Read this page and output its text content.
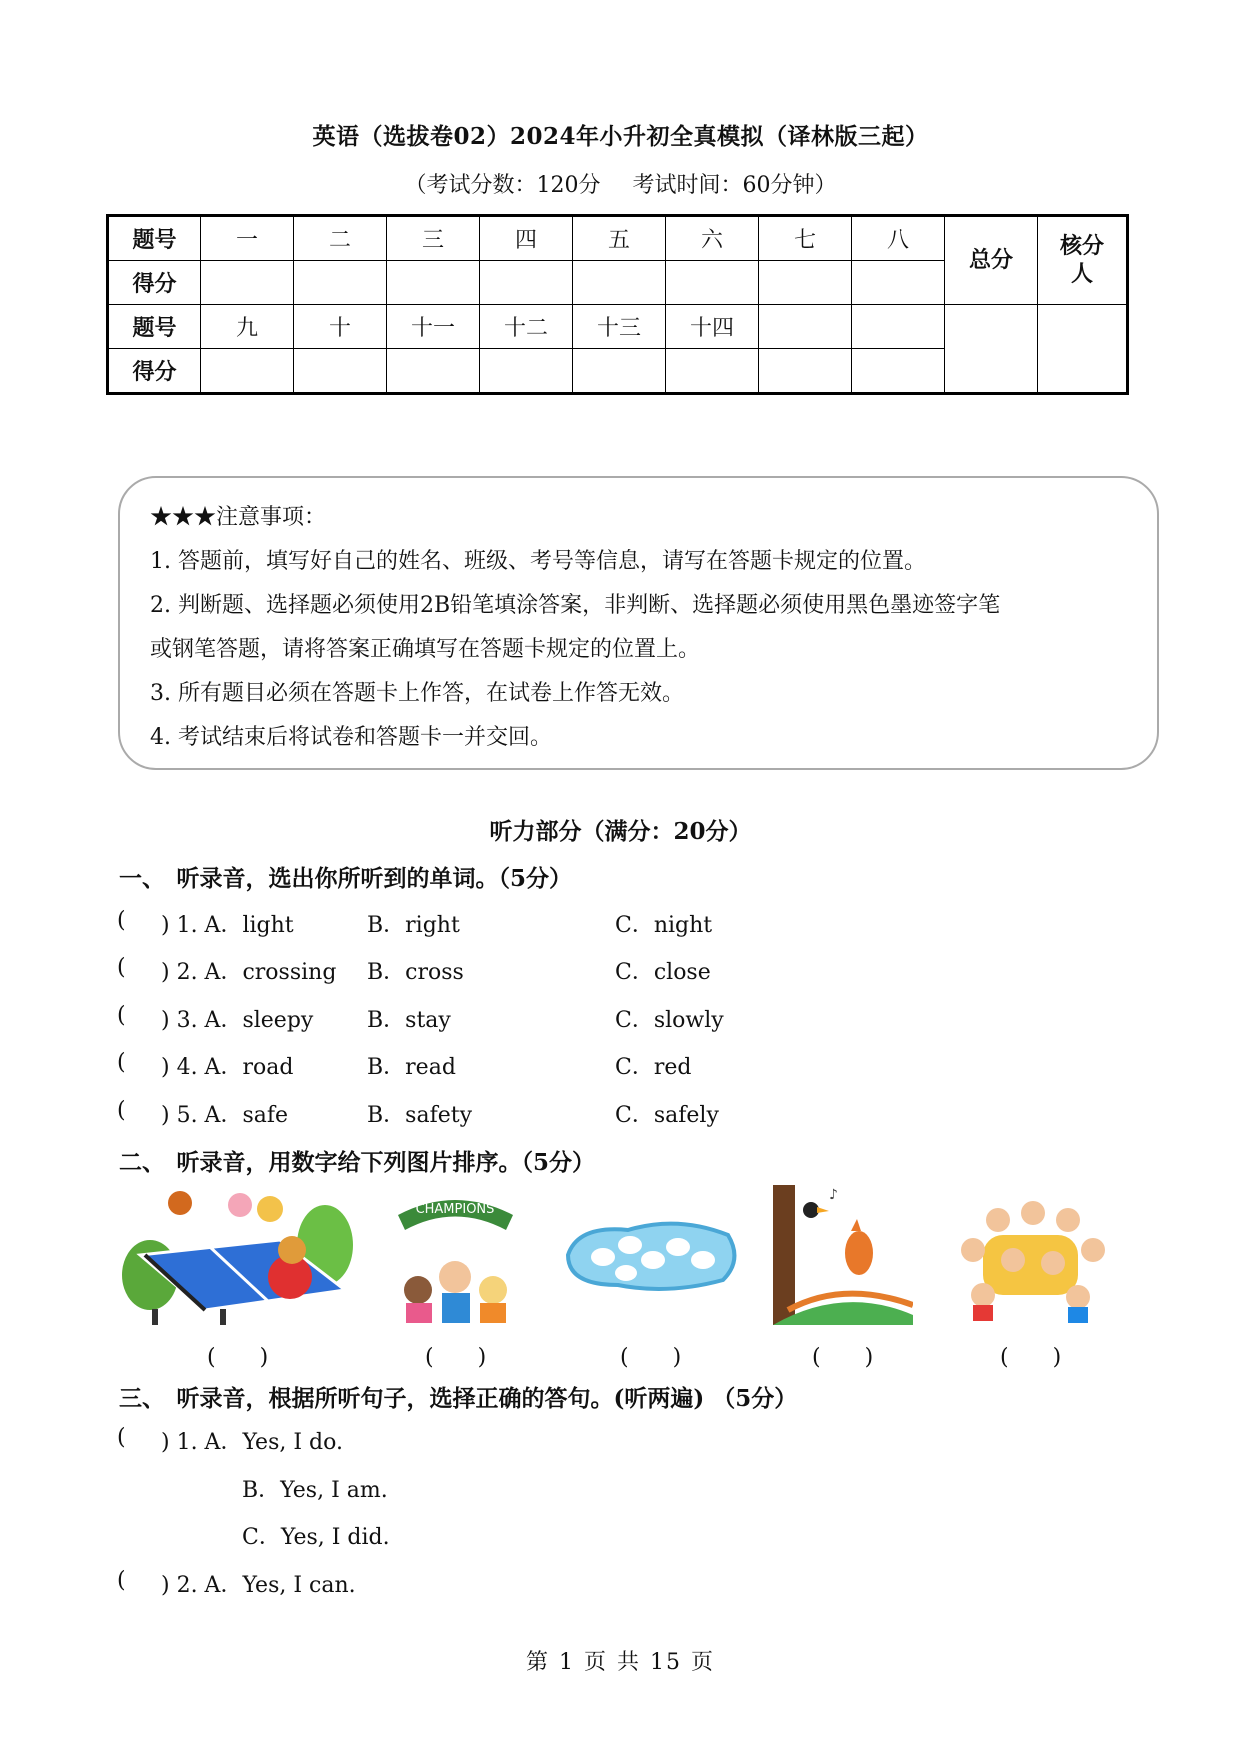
英语（选拔卷02）2024年小升初全真模拟（译林版三起）
（考试分数：120分 考试时间：60分钟）
题号	一	二	三	四	五	六	七	八	总分	核分
人
得分										
题号	九	十	十一	十二	十三	十四				
得分										
★★★注意事项：
1. 答题前，填写好自己的姓名、班级、考号等信息，请写在答题卡规定的位置。
2. 判断题、选择题必须使用2B铅笔填涂答案，非判断、选择题必须使用黑色墨迹签字笔
或钢笔答题，请将答案正确填写在答题卡规定的位置上。
3. 所有题目必须在答题卡上作答，在试卷上作答无效。
4. 考试结束后将试卷和答题卡一并交回。
听力部分（满分：20分）
一、　听录音，选出你所听到的单词。（5分）
( ) 1. A．light	B．right	C．night
( ) 2. A．crossing B．cross	C．close
( ) 3. A．sleepy B．stay	C．slowly
( ) 4. A．road	B．read	C．red
( ) 5. A．safe	B．safety	C．safely
二、　听录音，用数字给下列图片排序。（5分）
CHAMPIONS
♪
(　　)	(　　)	(　　)	(　　)	(　　)
三、　听录音，根据所听句子，选择正确的答句。(听两遍) （5分）
( ) 1. A．Yes, I do.
B．Yes, I am.
C．Yes, I did.
( ) 2. A．Yes, I can.
第 1 页 共 15 页
